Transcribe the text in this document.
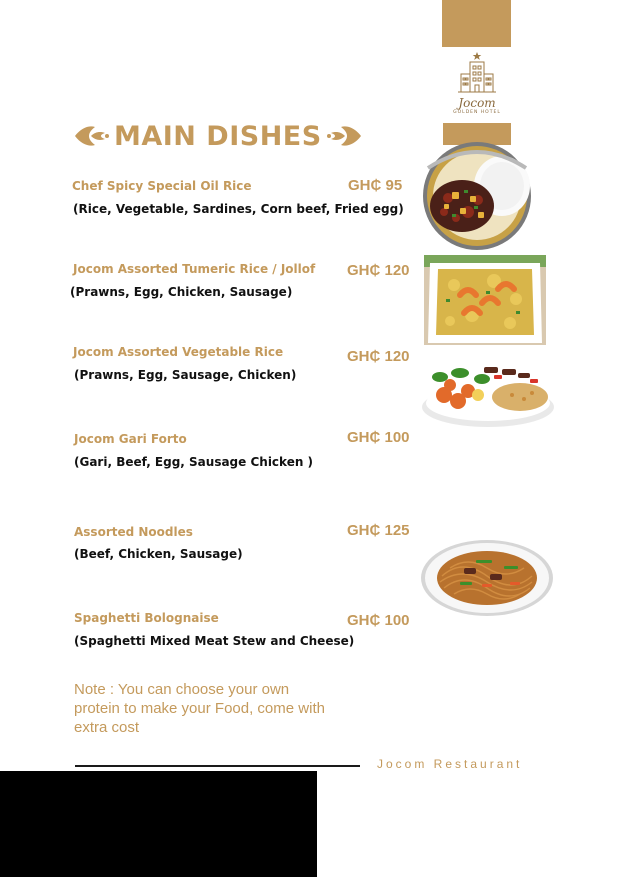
Jocom
GOLDEN HOTEL
MAIN DISHES
Chef Spicy Special Oil Rice
(Rice, Vegetable, Sardines, Corn beef, Fried egg)
GH₵ 95
Jocom Assorted Tumeric Rice / Jollof
(Prawns, Egg, Chicken, Sausage)
GH₵ 120
Jocom Assorted Vegetable Rice
(Prawns, Egg, Sausage, Chicken)
GH₵ 120
Jocom Gari Forto
(Gari, Beef, Egg, Sausage Chicken )
GH₵ 100
Assorted Noodles
(Beef, Chicken, Sausage)
GH₵ 125
Spaghetti Bolognaise
(Spaghetti Mixed Meat Stew and Cheese)
GH₵ 100
Note : You can choose your own protein to make your Food, come with extra cost
Jocom Restaurant
